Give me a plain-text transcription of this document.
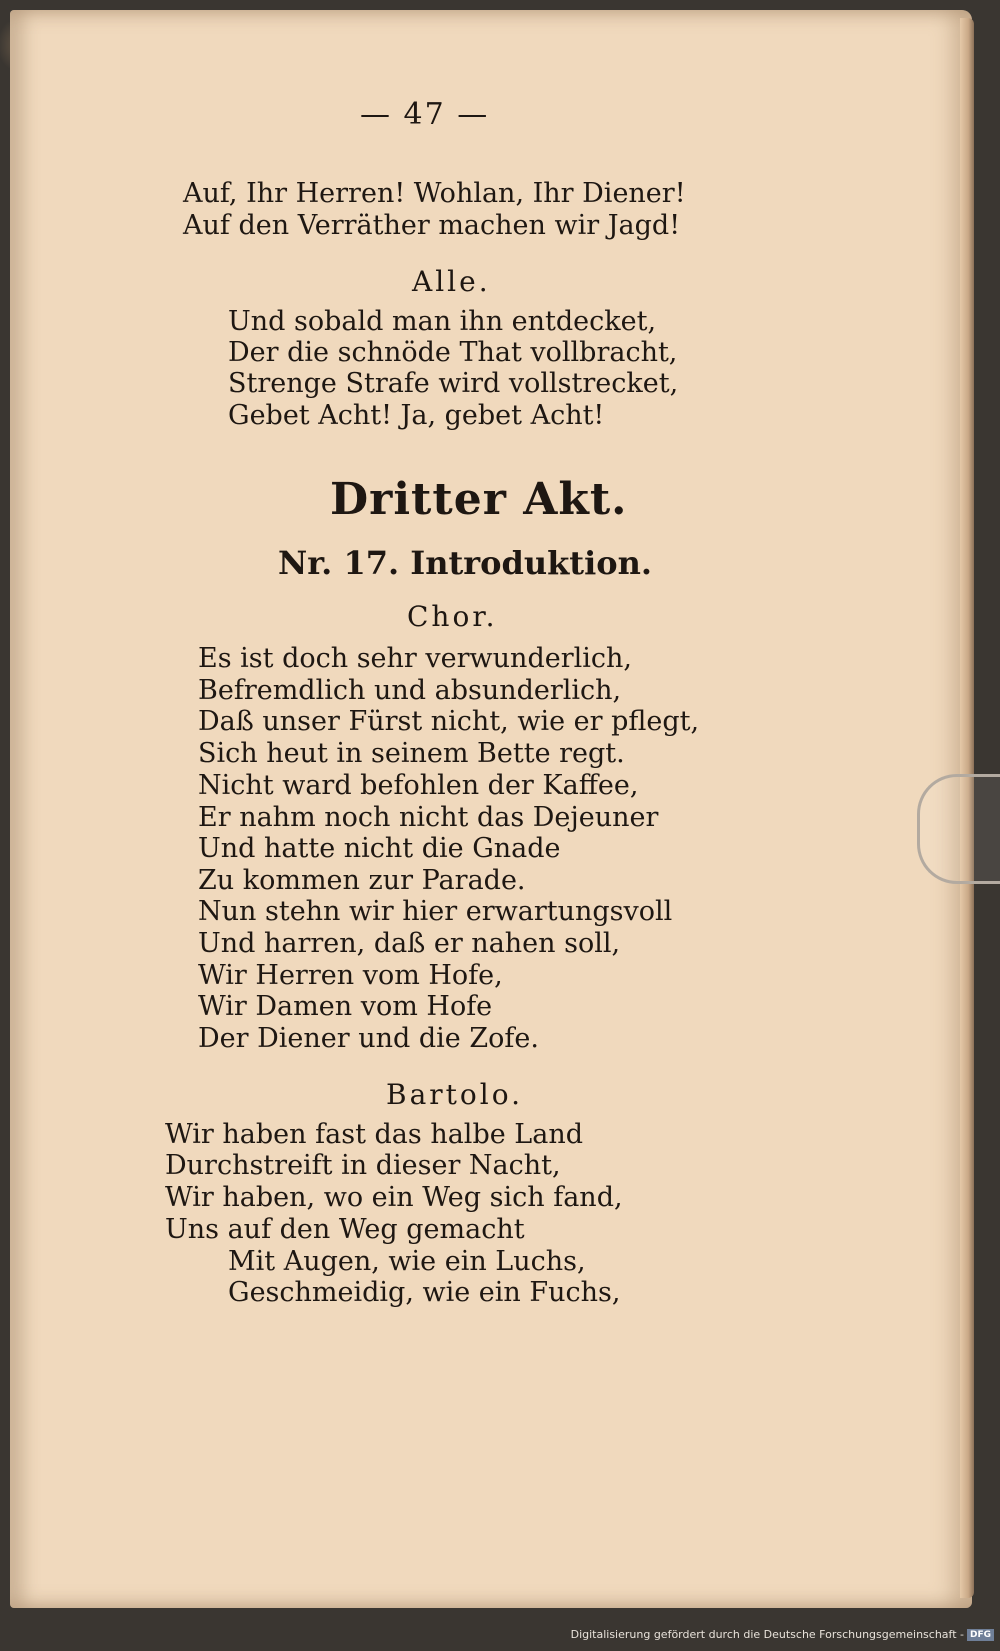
— 47 —

Auf, Ihr Herren! Wohlan, Ihr Diener!

Auf den Verräther machen wir Jagd!

Alle.

Und sobald man ihn entdecket,

Der die schnöde That vollbracht,

Strenge Strafe wird vollstrecket,

Gebet Acht! Ja, gebet Acht!

Dritter Akt.

Nr. 17. Introduktion.

Chor.

Es ist doch sehr verwunderlich,

Befremdlich und absunderlich,

Daß unser Fürst nicht, wie er pflegt,

Sich heut in seinem Bette regt.

Nicht ward befohlen der Kaffee,

Er nahm noch nicht das Dejeuner

Und hatte nicht die Gnade

Zu kommen zur Parade.

Nun stehn wir hier erwartungsvoll

Und harren, daß er nahen soll,

Wir Herren vom Hofe,

Wir Damen vom Hofe

Der Diener und die Zofe.

Bartolo.

Wir haben fast das halbe Land

Durchstreift in dieser Nacht,

Wir haben, wo ein Weg sich fand,

Uns auf den Weg gemacht

Mit Augen, wie ein Luchs,

Geschmeidig, wie ein Fuchs,

Digitalisierung gefördert durch die Deutsche Forschungsgemeinschaft - DFG
